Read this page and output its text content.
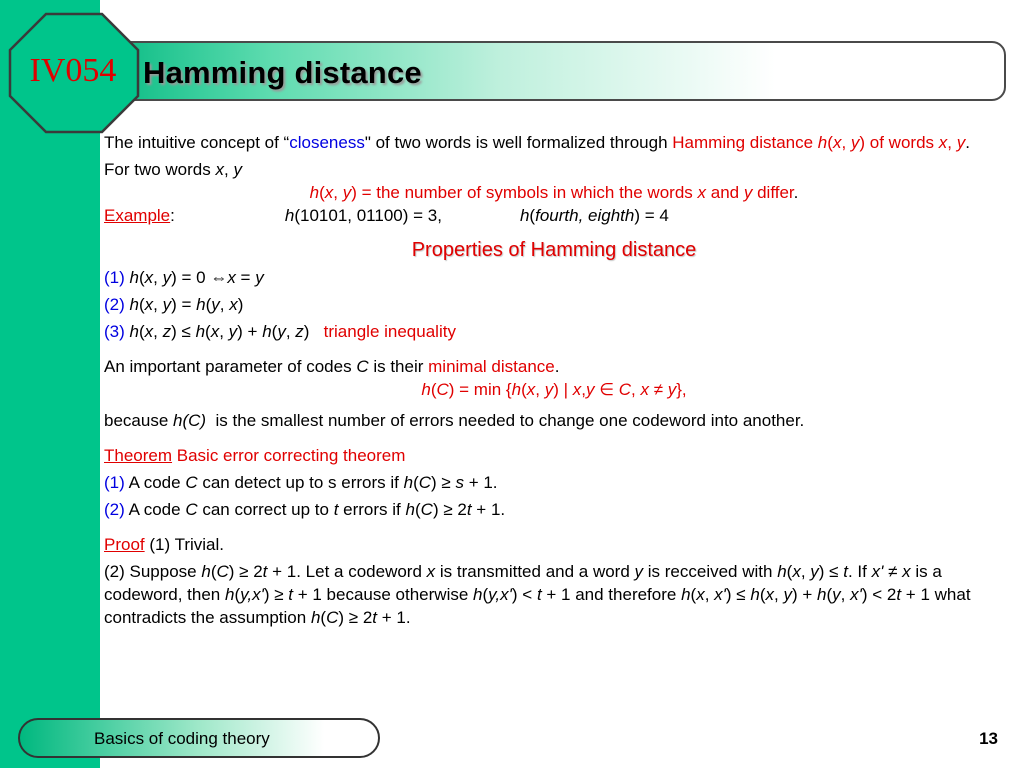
IV054 Hamming distance

The intuitive concept of “closeness" of two words is well formalized through Hamming distance h(x, y) of words x, y.

For two words x, y

h(x, y) = the number of symbols in which the words x and y differ.

Example:	h(10101, 01100) = 3,	h(fourth, eighth) = 4

Properties of Hamming distance

(1) h(x, y) = 0 ⇔x = y

(2) h(x, y) = h(y, x)

(3) h(x, z) ≤ h(x, y) + h(y, z)   triangle inequality

An important parameter of codes C is their minimal distance.

h(C) = min {h(x, y) | x,y ∈ C, x ≠ y},

because h(C) is the smallest number of errors needed to change one codeword into another.

Theorem Basic error correcting theorem

(1) A code C can detect up to s errors if h(C) ≥ s + 1.

(2) A code C can correct up to t errors if h(C) ≥ 2t + 1.

Proof (1) Trivial.

(2) Suppose h(C) ≥ 2t + 1. Let a codeword x is transmitted and a word y is recceived with h(x, y) ≤ t. If x' ≠ x is a codeword, then h(y,x') ≥ t + 1 because otherwise h(y,x') < t + 1 and therefore h(x, x') ≤ h(x, y) + h(y, x') < 2t + 1 what contradicts the assumption h(C) ≥ 2t + 1.

Basics of coding theory	13
